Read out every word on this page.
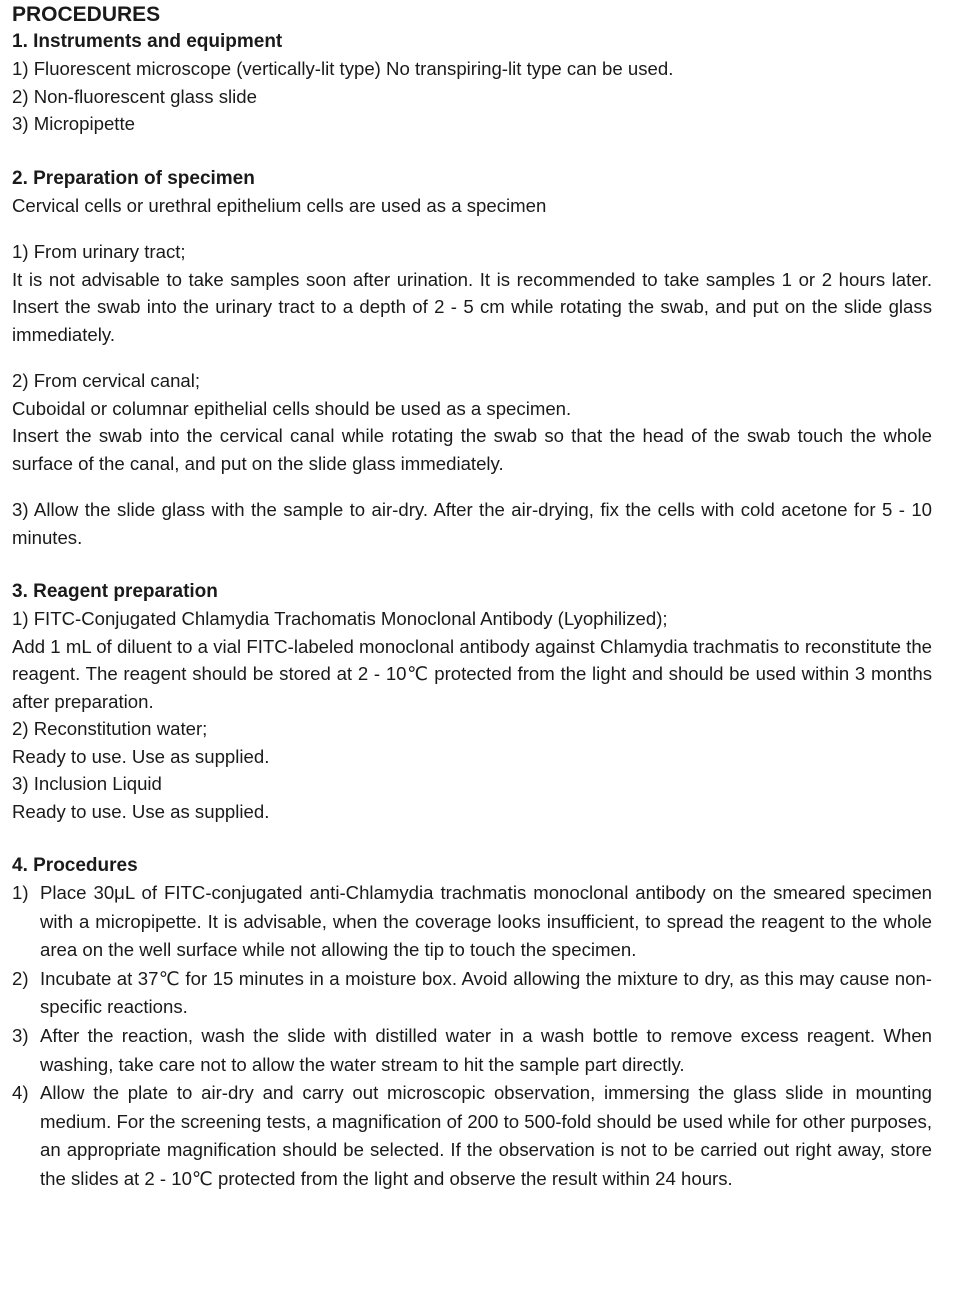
PROCEDURES
1. Instruments and equipment

1) Fluorescent microscope (vertically-lit type) No transpiring-lit type can be used.

2) Non-fluorescent glass slide

3) Micropipette

2. Preparation of specimen

Cervical cells or urethral epithelium cells are used as a specimen

1) From urinary tract;

It is not advisable to take samples soon after urination. It is recommended to take samples 1 or 2 hours later. Insert the swab into the urinary tract to a depth of 2 - 5 cm while rotating the swab, and put on the slide glass immediately.

2) From cervical canal;

Cuboidal or columnar epithelial cells should be used as a specimen.

Insert the swab into the cervical canal while rotating the swab so that the head of the swab touch the whole surface of the canal, and put on the slide glass immediately.

3) Allow the slide glass with the sample to air-dry. After the air-drying, fix the cells with cold acetone for 5 - 10 minutes.

3. Reagent preparation

1) FITC-Conjugated Chlamydia Trachomatis Monoclonal Antibody (Lyophilized);

Add 1 mL of diluent to a vial FITC-labeled monoclonal antibody against Chlamydia trachmatis to reconstitute the reagent. The reagent should be stored at 2 - 10℃ protected from the light and should be used within 3 months after preparation.

2) Reconstitution water;

Ready to use. Use as supplied.

3) Inclusion Liquid

Ready to use. Use as supplied.

4. Procedures
1) Place 30μL of FITC-conjugated anti-Chlamydia trachmatis monoclonal antibody on the smeared specimen with a micropipette. It is advisable, when the coverage looks insufficient, to spread the reagent to the whole area on the well surface while not allowing the tip to touch the specimen.
2) Incubate at 37℃ for 15 minutes in a moisture box. Avoid allowing the mixture to dry, as this may cause non-specific reactions.
3) After the reaction, wash the slide with distilled water in a wash bottle to remove excess reagent. When washing, take care not to allow the water stream to hit the sample part directly.
4) Allow the plate to air-dry and carry out microscopic observation, immersing the glass slide in mounting medium. For the screening tests, a magnification of 200 to 500-fold should be used while for other purposes, an appropriate magnification should be selected. If the observation is not to be carried out right away, store the slides at 2 - 10℃ protected from the light and observe the result within 24 hours.
